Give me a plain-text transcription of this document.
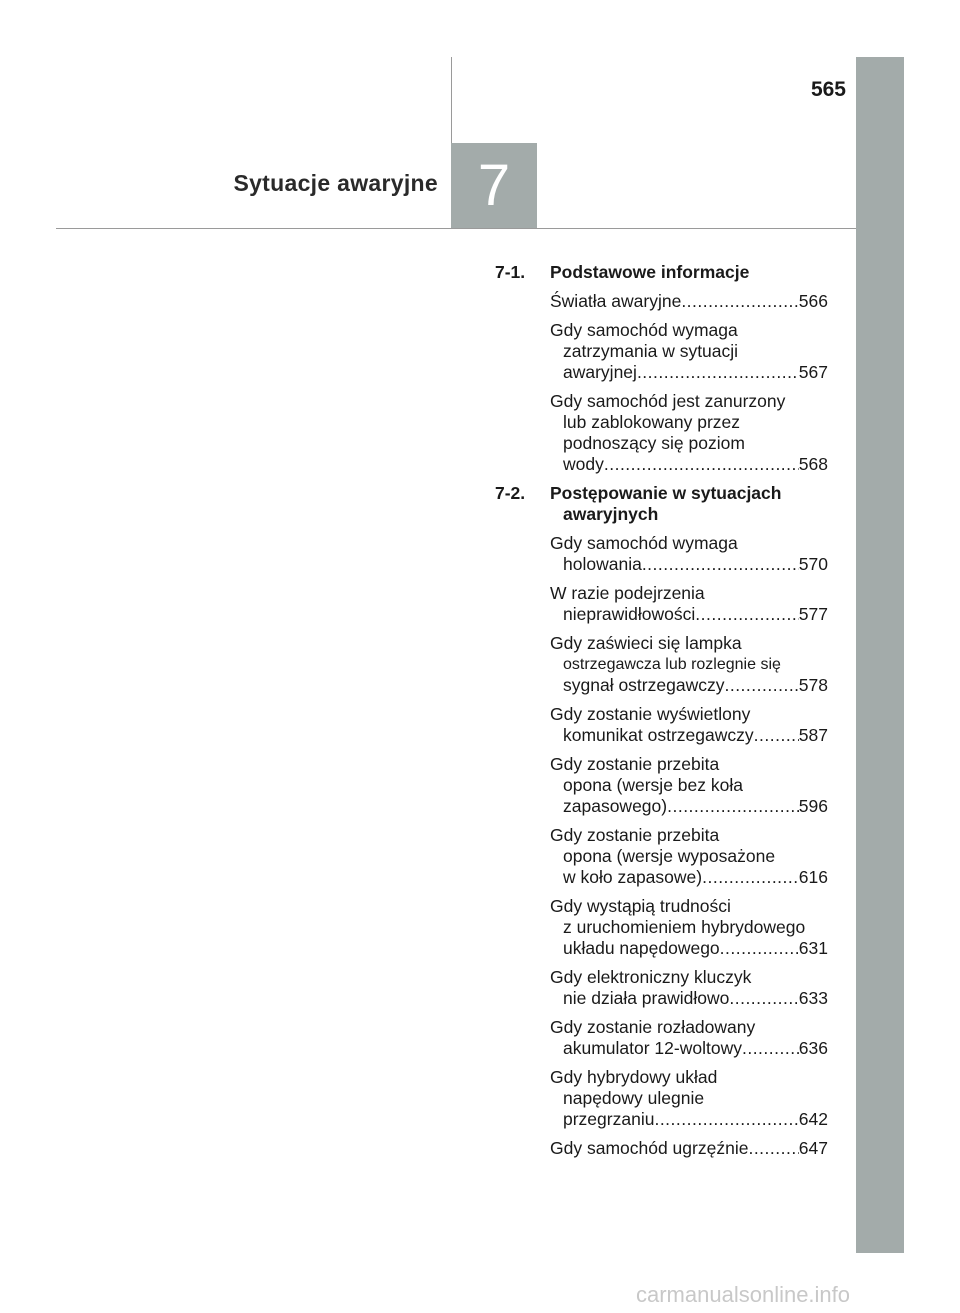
565
Sytuacje awaryjne 7
7-1.	Podstawowe informacje
Światła awaryjne .....	566
Gdy samochód wymaga
zatrzymania w sytuacji
awaryjnej .....	567
Gdy samochód jest zanurzony
lub zablokowany przez
podnoszący się poziom
wody .....	568
7-2.	Postępowanie w sytuacjach
awaryjnych
Gdy samochód wymaga
holowania .....	570
W razie podejrzenia
nieprawidłowości .....	577
Gdy zaświeci się lampka
ostrzegawcza lub rozlegnie się
sygnał ostrzegawczy .....	578
Gdy zostanie wyświetlony
komunikat ostrzegawczy .....	587
Gdy zostanie przebita
opona (wersje bez koła
zapasowego) .....	596
Gdy zostanie przebita
opona (wersje wyposażone
w koło zapasowe) .....	616
Gdy wystąpią trudności
z uruchomieniem hybrydowego
układu napędowego .....	631
Gdy elektroniczny kluczyk
nie działa prawidłowo .....	633
Gdy zostanie rozładowany
akumulator 12-woltowy .....	636
Gdy hybrydowy układ
napędowy ulegnie
przegrzaniu .....	642
Gdy samochód ugrzęźnie .....	647
carmanualsonline.info
